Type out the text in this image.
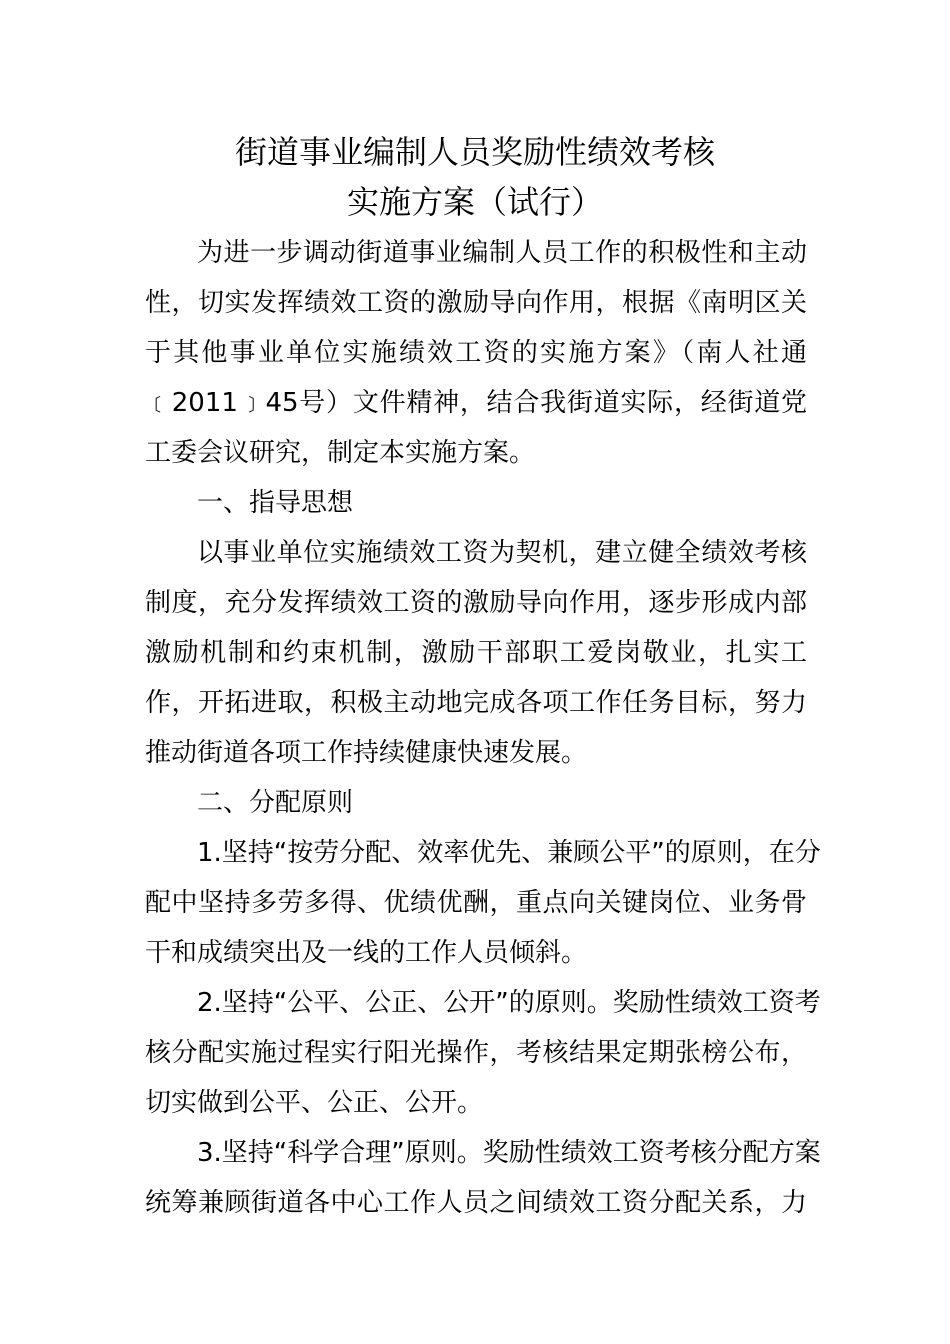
街道事业编制人员奖励性绩效考核
实施方案（试行）
为进一步调动街道事业编制人员工作的积极性和主动
性，切实发挥绩效工资的激励导向作用，根据《南明区关
于其他事业单位实施绩效工资的实施方案》（南人社通
﹝2011﹞45号）文件精神，结合我街道实际，经街道党
工委会议研究，制定本实施方案。
一、指导思想
以事业单位实施绩效工资为契机，建立健全绩效考核
制度，充分发挥绩效工资的激励导向作用，逐步形成内部
激励机制和约束机制，激励干部职工爱岗敬业，扎实工
作，开拓进取，积极主动地完成各项工作任务目标，努力
推动街道各项工作持续健康快速发展。
二、分配原则
1.坚持“按劳分配、效率优先、兼顾公平”的原则，在分
配中坚持多劳多得、优绩优酬，重点向关键岗位、业务骨
干和成绩突出及一线的工作人员倾斜。
2.坚持“公平、公正、公开”的原则。奖励性绩效工资考
核分配实施过程实行阳光操作，考核结果定期张榜公布，
切实做到公平、公正、公开。
3.坚持“科学合理”原则。奖励性绩效工资考核分配方案
统筹兼顾街道各中心工作人员之间绩效工资分配关系，力
